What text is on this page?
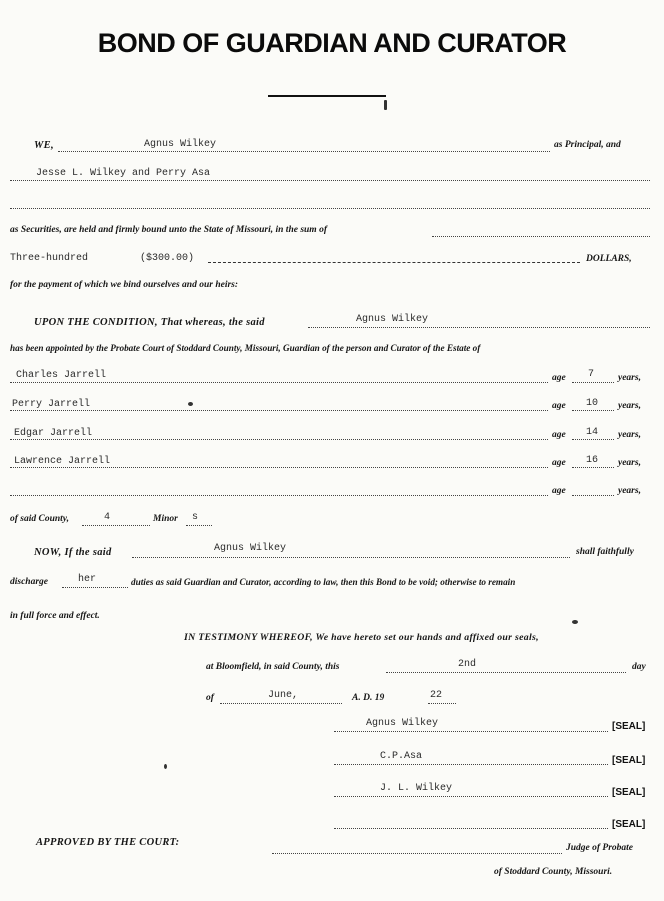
BOND OF GUARDIAN AND CURATOR
WE,	Agnus Wilkey	as Principal, and
Jesse L. Wilkey and Perry Asa
as Securities, are held and firmly bound unto the State of Missouri, in the sum of
Three-hundred	($300.00)	DOLLARS,
for the payment of which we bind ourselves and our heirs:
UPON THE CONDITION, That whereas, the said	Agnus Wilkey
has been appointed by the Probate Court of Stoddard County, Missouri, Guardian of the person and Curator of the Estate of
Charles Jarrell	age 7	years,
Perry Jarrell	age 10 years,
Edgar Jarrell	age 14 years,
Lawrence Jarrell	age 16 years,
age	years,
of said County,	4	Minor s
NOW, If the said	Agnus Wilkey	shall faithfully
discharge	her	duties as said Guardian and Curator, according to law, then this Bond to be void; otherwise to remain
in full force and effect.
IN TESTIMONY WHEREOF, We have hereto set our hands and affixed our seals,
at Bloomfield, in said County, this	2nd	day
of	June,	A. D. 19	22
Agnus Wilkey	[SEAL]
C.P.Asa	[SEAL]
J. L. Wilkey	[SEAL]
[SEAL]
APPROVED BY THE COURT:	Judge of Probate
of Stoddard County, Missouri.
